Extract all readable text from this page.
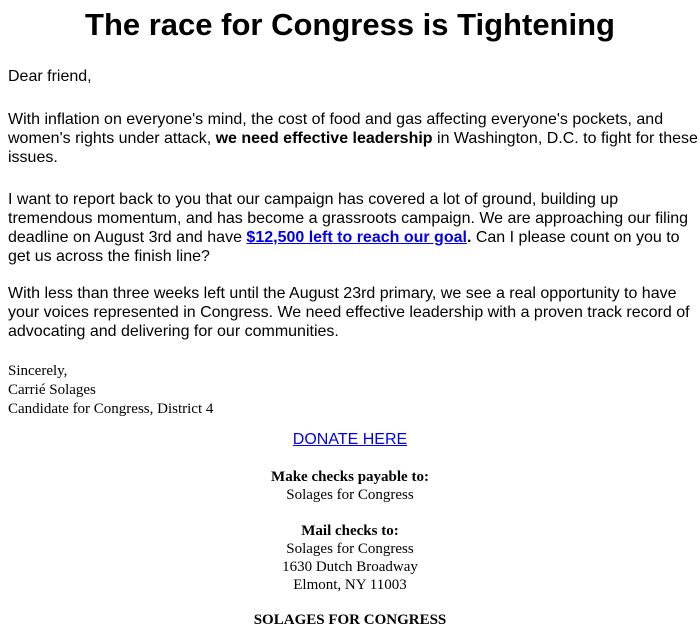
The race for Congress is Tightening

Dear friend,

With inflation on everyone's mind, the cost of food and gas affecting everyone's pockets, and women's rights under attack, we need effective leadership in Washington, D.C. to fight for these issues.

I want to report back to you that our campaign has covered a lot of ground, building up tremendous momentum, and has become a grassroots campaign. We are approaching our filing deadline on August 3rd and have $12,500 left to reach our goal. Can I please count on you to get us across the finish line?

With less than three weeks left until the August 23rd primary, we see a real opportunity to have your voices represented in Congress. We need effective leadership with a proven track record of advocating and delivering for our communities.

Sincerely,
Carrié Solages
Candidate for Congress, District 4

DONATE HERE

Make checks payable to:
Solages for Congress

Mail checks to:
Solages for Congress
1630 Dutch Broadway
Elmont, NY 11003

SOLAGES FOR CONGRESS
